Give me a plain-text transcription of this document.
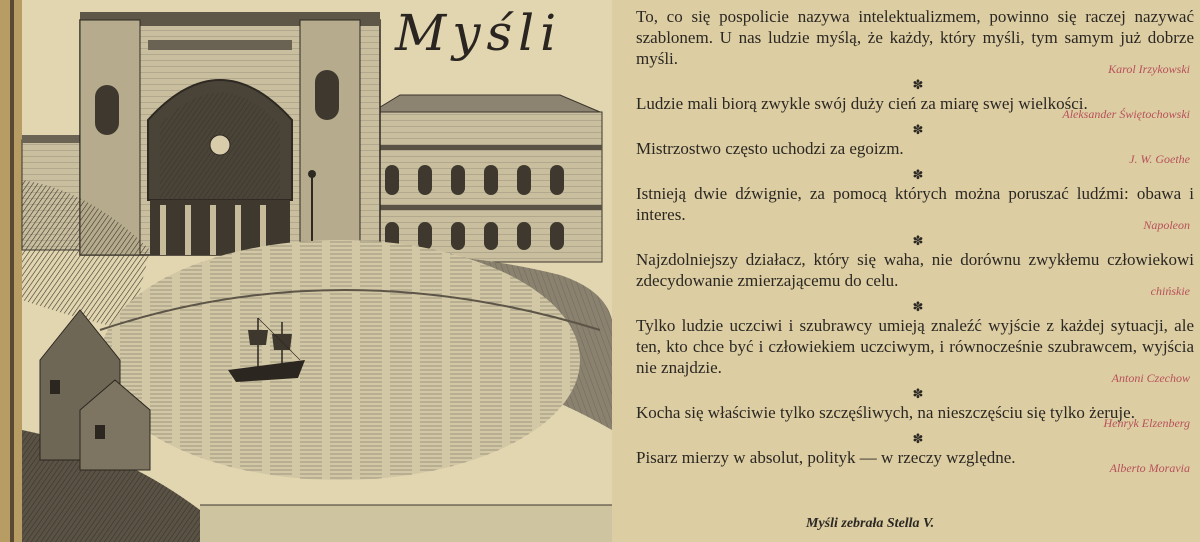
Myśli	To, co się pospolicie nazywa intelektualizmem, powinno się raczej nazywać szablonem. U nas ludzie myślą, że każdy, który myśli, tym samym już dobrze myśli.

Karol Irzykowski
✽

Ludzie mali biorą zwykle swój duży cień za miarę swej wielkości.

Aleksander Świętochowski
✽

Mistrzostwo często uchodzi za egoizm.

J. W. Goethe
✽

Istnieją dwie dźwignie, za pomocą których można poruszać ludźmi: obawa i interes.

Napoleon
✽

Najzdolniejszy działacz, który się waha, nie dorównu zwykłemu człowiekowi zdecydowanie zmierzającemu do celu.

chińskie
✽

Tylko ludzie uczciwi i szubrawcy umieją znaleźć wyjście z każdej sytuacji, ale ten, kto chce być i człowiekiem uczciwym, i równocześnie szubrawcem, wyjścia nie znajdzie.

Antoni Czechow
✽

Kocha się właściwie tylko szczęśliwych, na nieszczęściu się tylko żeruje.

Henryk Elzenberg
✽

Pisarz mierzy w absolut, polityk — w rzeczy względne.

Alberto Moravia
Myśli zebrała Stella V.
